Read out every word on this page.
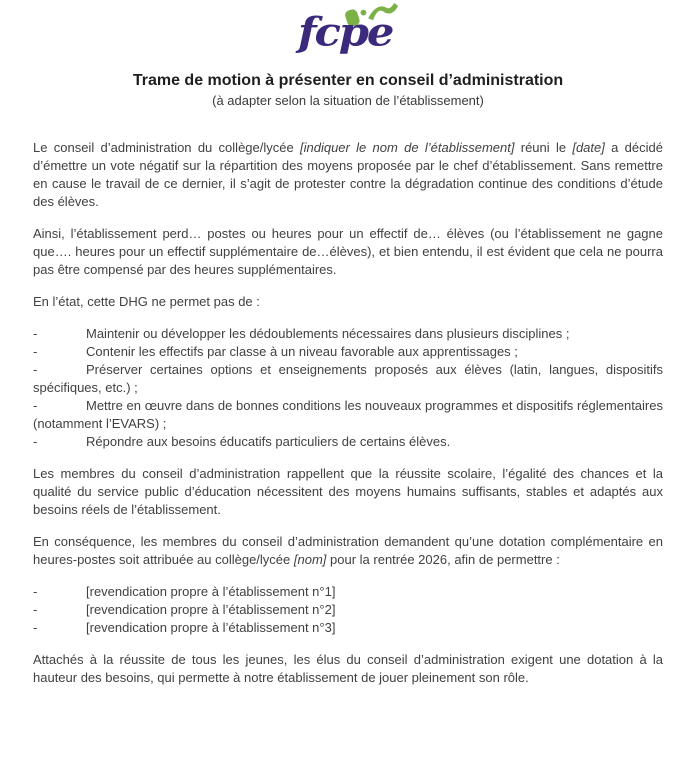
fcpe
Trame de motion à présenter en conseil d’administration
(à adapter selon la situation de l’établissement)

Le conseil d’administration du collège/lycée [indiquer le nom de l’établissement] réuni le [date] a décidé d’émettre un vote négatif sur la répartition des moyens proposée par le chef d’établissement. Sans remettre en cause le travail de ce dernier, il s’agit de protester contre la dégradation continue des conditions d’étude des élèves.

Ainsi, l’établissement perd… postes ou heures pour un effectif de… élèves (ou l’établissement ne gagne que…. heures pour un effectif supplémentaire de…élèves), et bien entendu, il est évident que cela ne pourra pas être compensé par des heures supplémentaires.

En l’état, cette DHG ne permet pas de :

-	Maintenir ou développer les dédoublements nécessaires dans plusieurs disciplines ;

-	Contenir les effectifs par classe à un niveau favorable aux apprentissages ;

-	Préserver certaines options et enseignements proposés aux élèves (latin, langues, dispositifs spécifiques, etc.) ;

-	Mettre en œuvre dans de bonnes conditions les nouveaux programmes et dispositifs réglementaires (notamment l’EVARS) ;

-	Répondre aux besoins éducatifs particuliers de certains élèves.

Les membres du conseil d’administration rappellent que la réussite scolaire, l’égalité des chances et la qualité du service public d’éducation nécessitent des moyens humains suffisants, stables et adaptés aux besoins réels de l’établissement.

En conséquence, les membres du conseil d’administration demandent qu’une dotation complémentaire en heures-postes soit attribuée au collège/lycée [nom] pour la rentrée 2026, afin de permettre :

-	[revendication propre à l’établissement n°1]

-	[revendication propre à l’établissement n°2]

-	[revendication propre à l’établissement n°3]

Attachés à la réussite de tous les jeunes, les élus du conseil d’administration exigent une dotation à la hauteur des besoins, qui permette à notre établissement de jouer pleinement son rôle.
